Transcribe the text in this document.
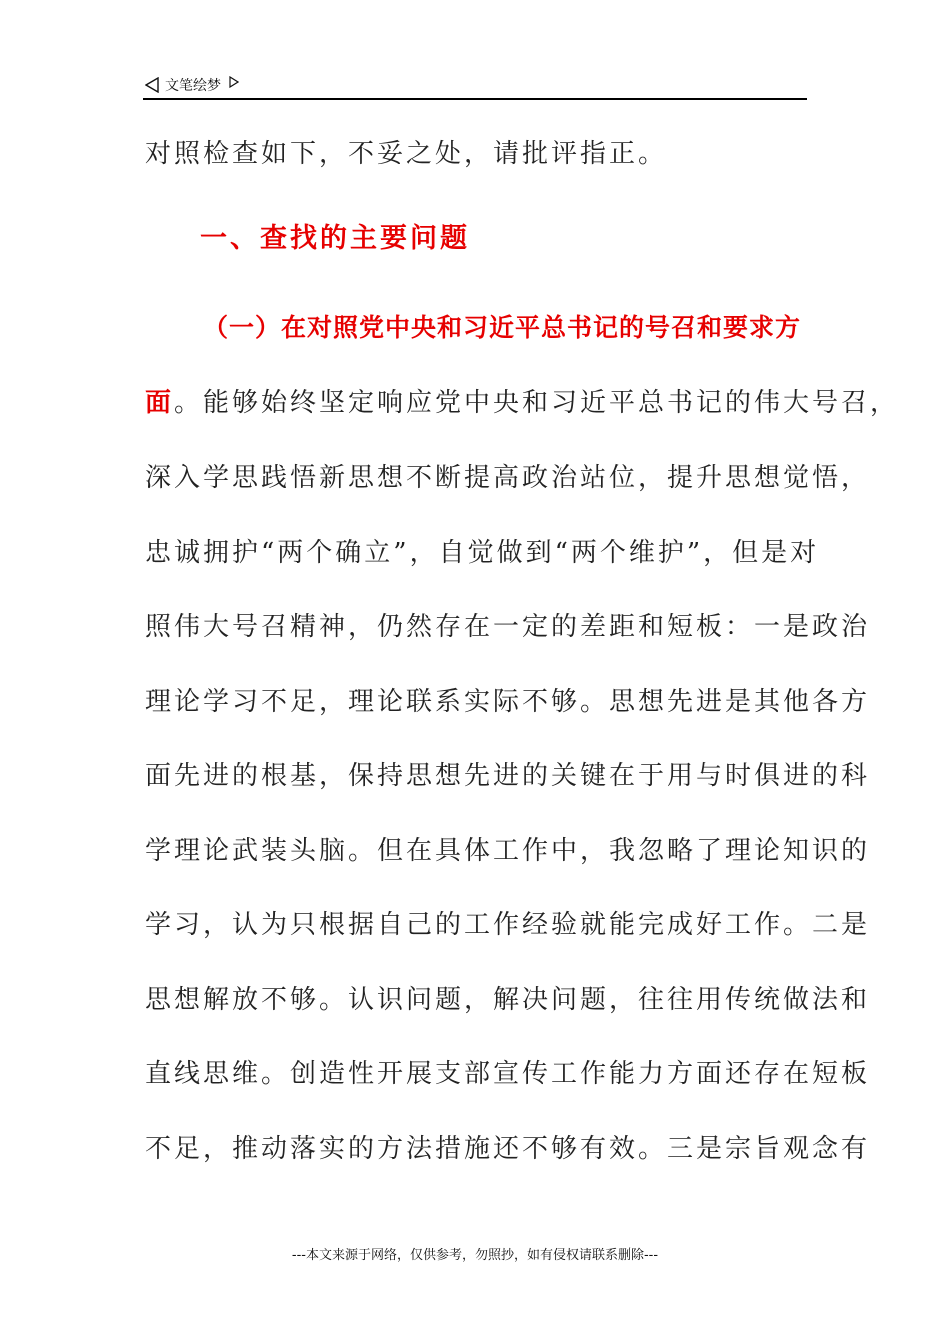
文笔绘梦
对照检查如下，不妥之处，请批评指正。
一、查找的主要问题
（一）在对照党中央和习近平总书记的号召和要求方
面。能够始终坚定响应党中央和习近平总书记的伟大号召，
深入学思践悟新思想不断提高政治站位，提升思想觉悟，
忠诚拥护“两个确立”，自觉做到“两个维护”，但是对
照伟大号召精神，仍然存在一定的差距和短板：一是政治
理论学习不足，理论联系实际不够。思想先进是其他各方
面先进的根基，保持思想先进的关键在于用与时俱进的科
学理论武装头脑。但在具体工作中，我忽略了理论知识的
学习，认为只根据自己的工作经验就能完成好工作。二是
思想解放不够。认识问题，解决问题，往往用传统做法和
直线思维。创造性开展支部宣传工作能力方面还存在短板
不足，推动落实的方法措施还不够有效。三是宗旨观念有
---本文来源于网络，仅供参考，勿照抄，如有侵权请联系删除---
